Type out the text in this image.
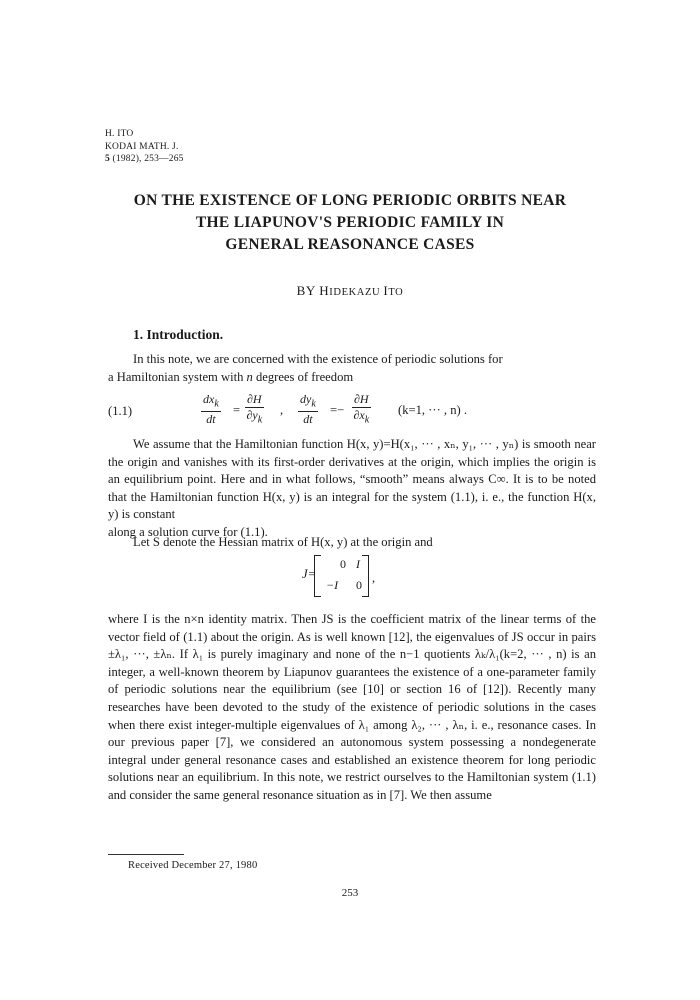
H. ITO
KODAI MATH. J.
5 (1982), 253—265
ON THE EXISTENCE OF LONG PERIODIC ORBITS NEAR
THE LIAPUNOV'S PERIODIC FAMILY IN
GENERAL REASONANCE CASES
BY HIDEKAZU ITO
1. Introduction.
In this note, we are concerned with the existence of periodic solutions for
a Hamiltonian system with n degrees of freedom
(1.1)
$dx_k$
dt
= $\frac{\partial H}{\partial y_k}$ ,
$dy_k$
dt
=− $\frac{\partial H}{\partial x_k} (k=1$, ··· , n) .
We assume that the Hamiltonian function H(x, y)=H(x₁, ··· , xₙ, y₁, ··· , yₙ) is smooth near the origin and vanishes with its first-order derivatives at the origin, which implies the origin is an equilibrium point. Here and in what follows, “smooth” means always C∞. It is to be noted that the Hamiltonian function H(x, y) is an integral for the system (1.1), i. e., the function H(x, y) is constant
along a solution curve for (1.1).
Let S denote the Hessian matrix of H(x, y) at the origin and
J=
0 I
−I 0 ,
where I is the n×n identity matrix. Then JS is the coefficient matrix of the linear terms of the vector field of (1.1) about the origin. As is well known [12], the eigenvalues of JS occur in pairs ±λ₁, ···, ±λₙ. If λ₁ is purely imaginary and none of the n−1 quotients λₖ/λ₁(k=2, ··· , n) is an integer, a well-known theorem by Liapunov guarantees the existence of a one-parameter family of periodic solutions near the equilibrium (see [10] or section 16 of [12]). Recently many researches have been devoted to the study of the existence of periodic solutions in the cases when there exist integer-multiple eigenvalues of λ₁ among λ₂, ··· , λₙ, i. e., resonance cases. In our previous paper [7], we considered an autonomous system possessing a nondegenerate integral under general resonance cases and established an existence theorem for long periodic solutions near an equilibrium. In this note, we restrict ourselves to the Hamiltonian system (1.1) and consider the same general resonance situation as in [7]. We then assume
Received December 27, 1980
253
